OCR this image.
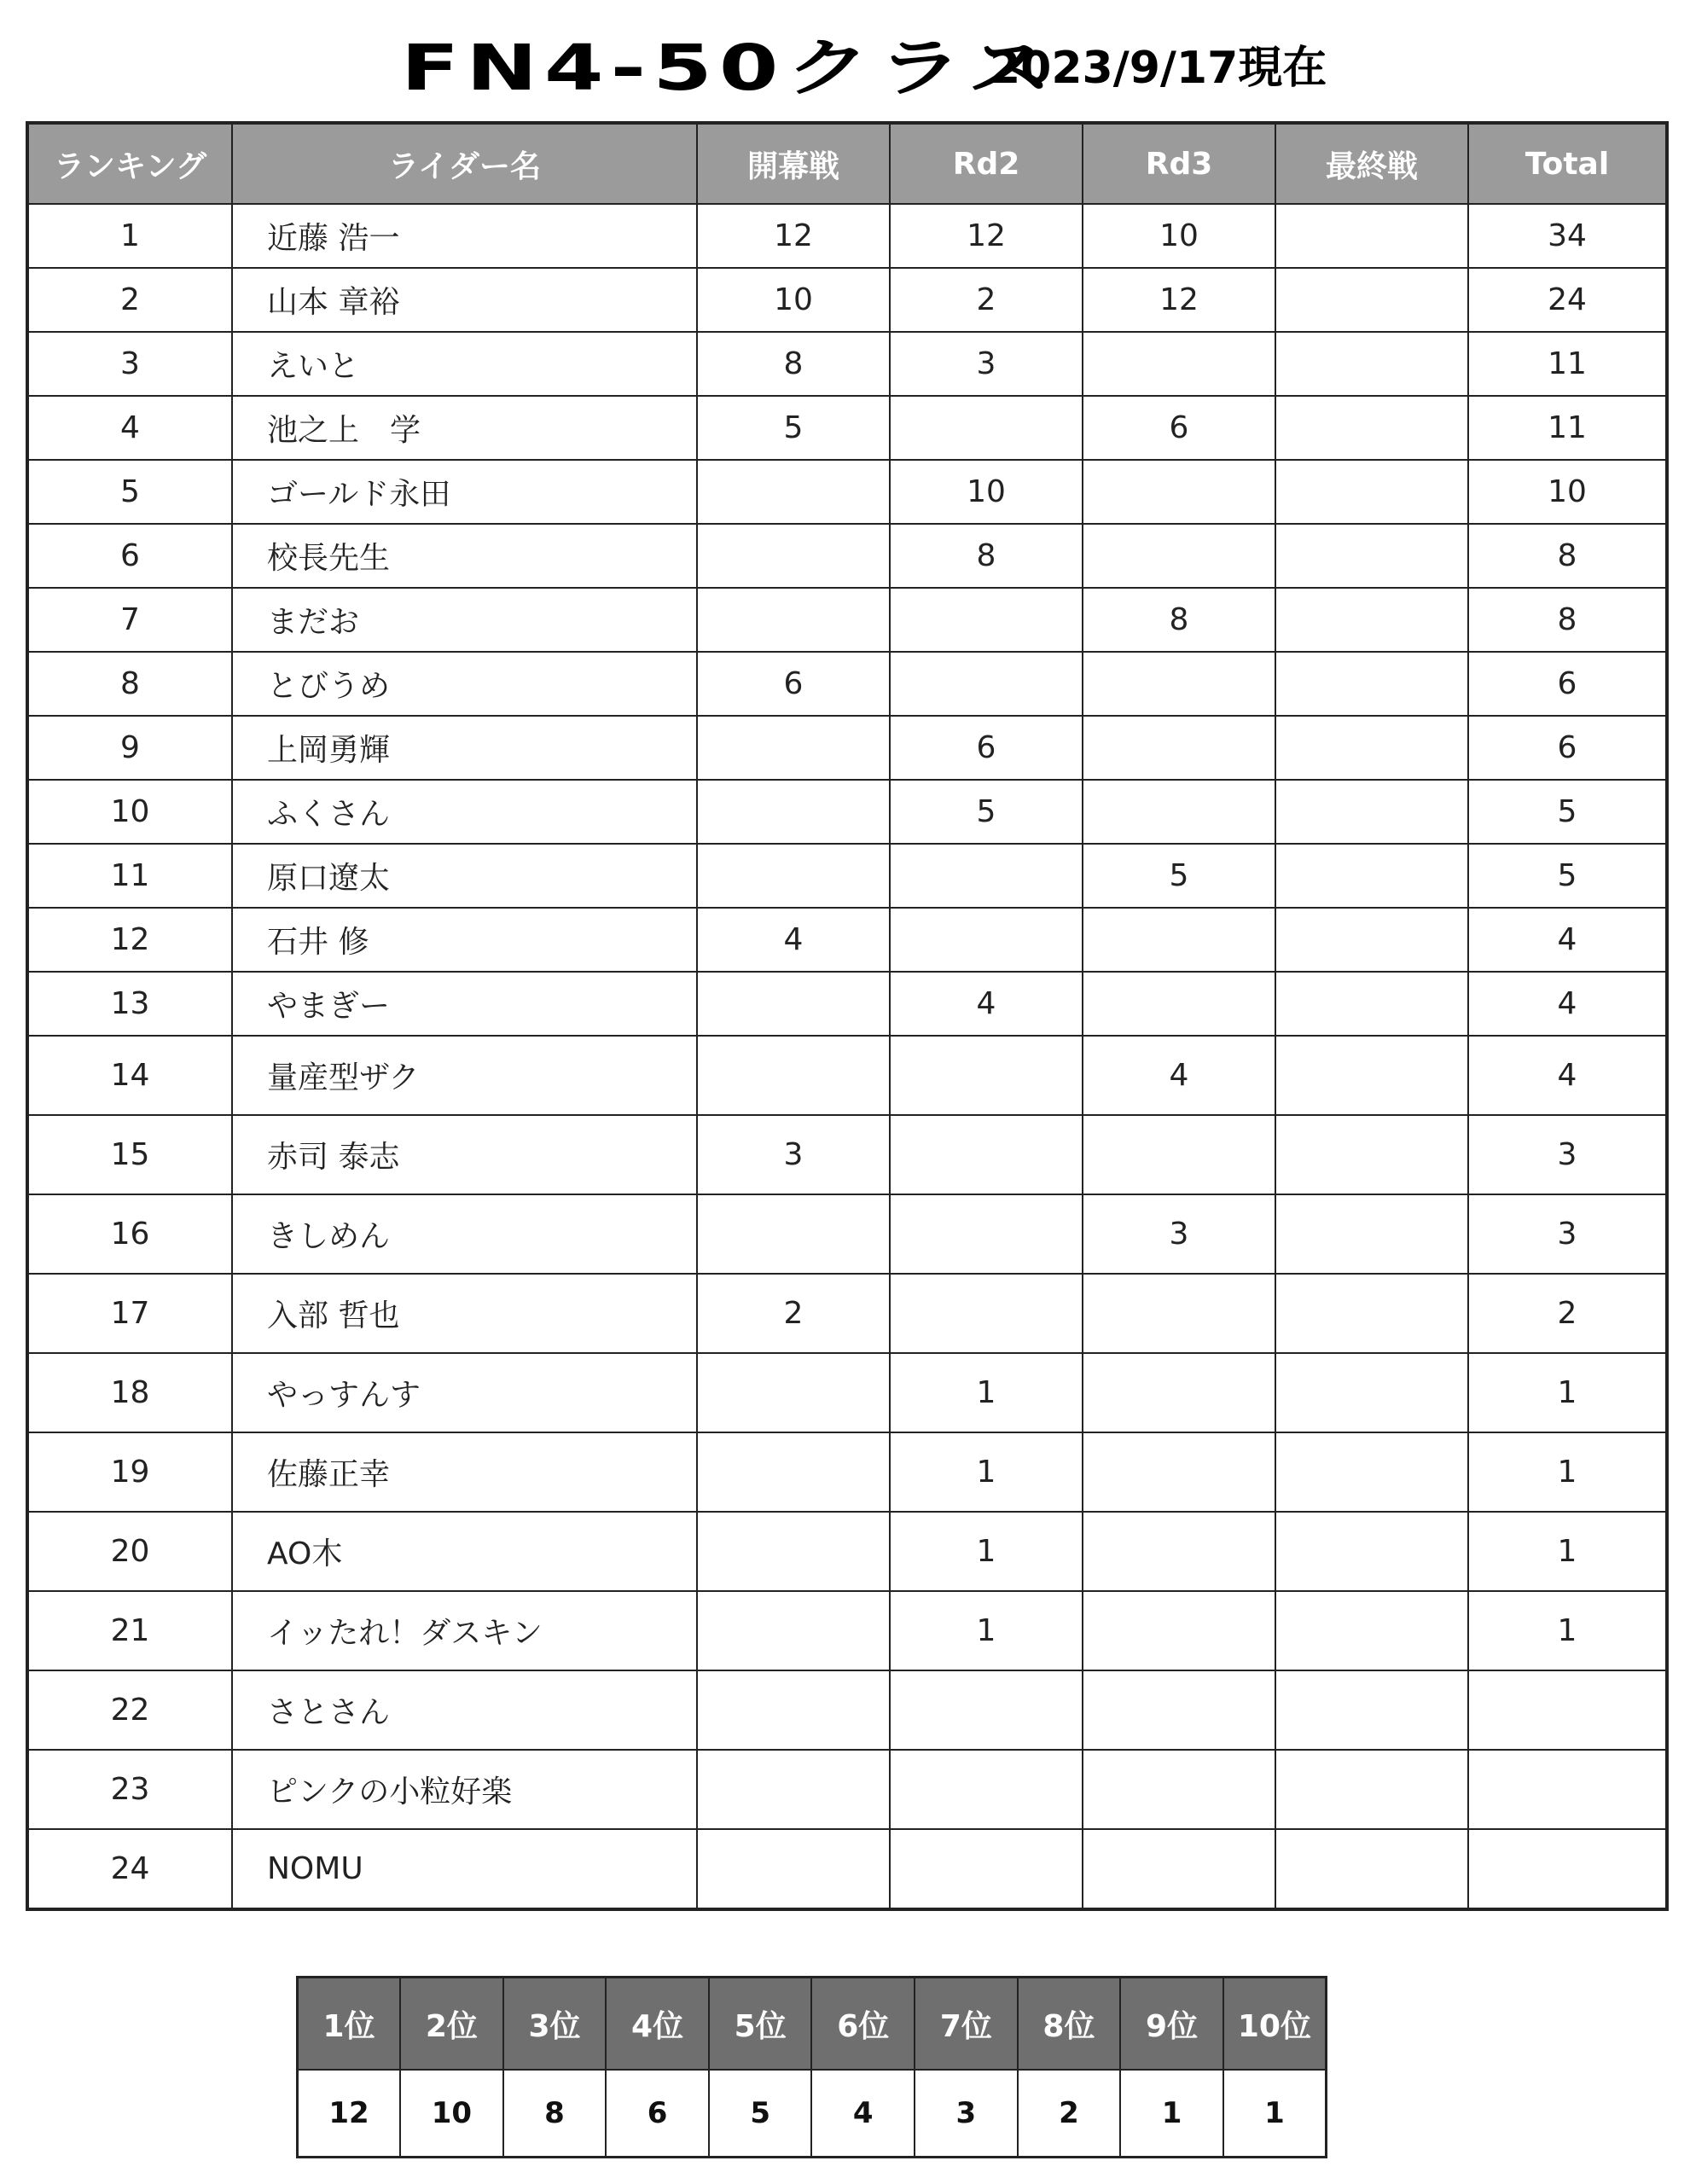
FN4-50クラス
2023/9/17現在
ランキング	ライダー名	開幕戦	Rd2	Rd3	最終戦	Total
1	近藤 浩一	12	12	10		34
2	山本 章裕	10	2	12		24
3	えいと	8	3			11
4	池之上　学	5		6		11
5	ゴールド永田		10			10
6	校長先生		8			8
7	まだお			8		8
8	とびうめ	6				6
9	上岡勇輝		6			6
10	ふくさん		5			5
11	原口遼太			5		5
12	石井 修	4				4
13	やまぎー		4			4
14	量産型ザク			4		4
15	赤司 泰志	3				3
16	きしめん			3		3
17	入部 哲也	2				2
18	やっすんす		1			1
19	佐藤正幸		1			1
20	AO木		1			1
21	イッたれ！ダスキン		1			1
22	さとさん					
23	ピンクの小粒好楽					
24	NOMU					
1位	2位	3位	4位	5位	6位	7位	8位	9位	10位
12	10	8	6	5	4	3	2	1	1
